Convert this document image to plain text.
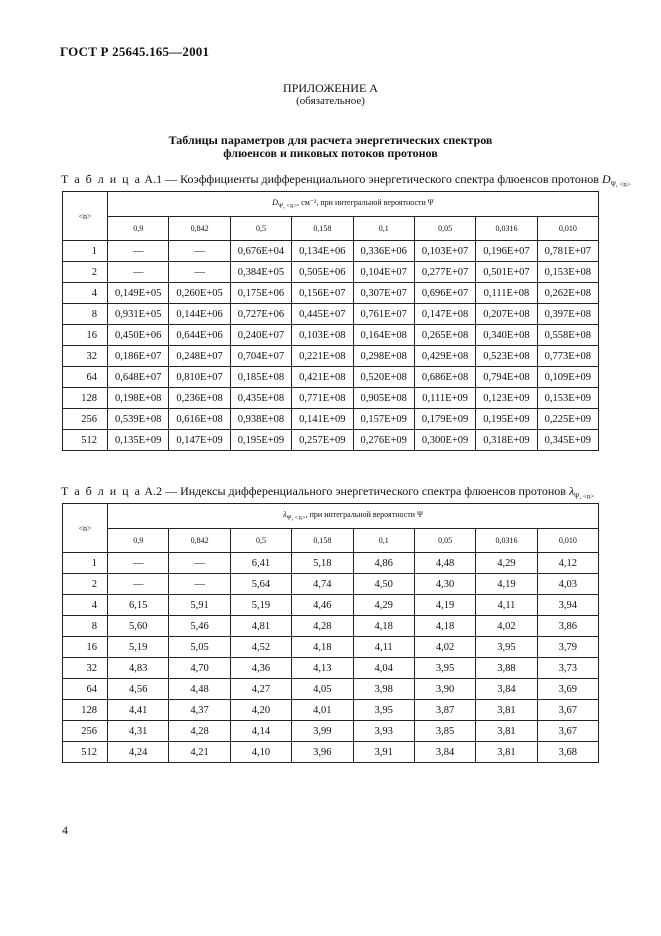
ГОСТ Р 25645.165—2001
ПРИЛОЖЕНИЕ А
(обязательное)
Таблицы параметров для расчета энергетических спектров
флюенсов и пиковых потоков протонов
Т а б л и ц а А.1 — Коэффициенты дифференциального энергетического спектра флюенсов протонов $D_{\Psi, <n>}$
<n>	$D_{\Psi, <n>}$, см⁻², при интегральной вероятности Ψ							
	0,9	0,842	0,5	0,158	0,1	0,05	0,0316	0,010
1	—	—	0,676E+04	0,134E+06	0,336E+06	0,103E+07	0,196E+07	0,781E+07
2	—	—	0,384E+05	0,505E+06	0,104E+07	0,277E+07	0,501E+07	0,153E+08
4	0,149E+05	0,260E+05	0,175E+06	0,156E+07	0,307E+07	0,696E+07	0,111E+08	0,262E+08
8	0,931E+05	0,144E+06	0,727E+06	0,445E+07	0,761E+07	0,147E+08	0,207E+08	0,397E+08
16	0,450E+06	0,644E+06	0,240E+07	0,103E+08	0,164E+08	0,265E+08	0,340E+08	0,558E+08
32	0,186E+07	0,248E+07	0,704E+07	0,221E+08	0,298E+08	0,429E+08	0,523E+08	0,773E+08
64	0,648E+07	0,810E+07	0,185E+08	0,421E+08	0,520E+08	0,686E+08	0,794E+08	0,109E+09
128	0,198E+08	0,236E+08	0,435E+08	0,771E+08	0,905E+08	0,111E+09	0,123E+09	0,153E+09
256	0,539E+08	0,616E+08	0,938E+08	0,141E+09	0,157E+09	0,179E+09	0,195E+09	0,225E+09
512	0,135E+09	0,147E+09	0,195E+09	0,257E+09	0,276E+09	0,300E+09	0,318E+09	0,345E+09
Т а б л и ц а А.2 — Индексы дифференциального энергетического спектра флюенсов протонов $\lambda_{\Psi, <n>}$
<n>	$\lambda_{\Psi, <n>}$, при интегральной вероятности Ψ							
	0,9	0,842	0,5	0,158	0,1	0,05	0,0316	0,010
1	—	—	6,41	5,18	4,86	4,48	4,29	4,12
2	—	—	5,64	4,74	4,50	4,30	4,19	4,03
4	6,15	5,91	5,19	4,46	4,29	4,19	4,11	3,94
8	5,60	5,46	4,81	4,28	4,18	4,18	4,02	3,86
16	5,19	5,05	4,52	4,18	4,11	4,02	3,95	3,79
32	4,83	4,70	4,36	4,13	4,04	3,95	3,88	3,73
64	4,56	4,48	4,27	4,05	3,98	3,90	3,84	3,69
128	4,41	4,37	4,20	4,01	3,95	3,87	3,81	3,67
256	4,31	4,28	4,14	3,99	3,93	3,85	3,81	3,67
512	4,24	4,21	4,10	3,96	3,91	3,84	3,81	3,68
4
